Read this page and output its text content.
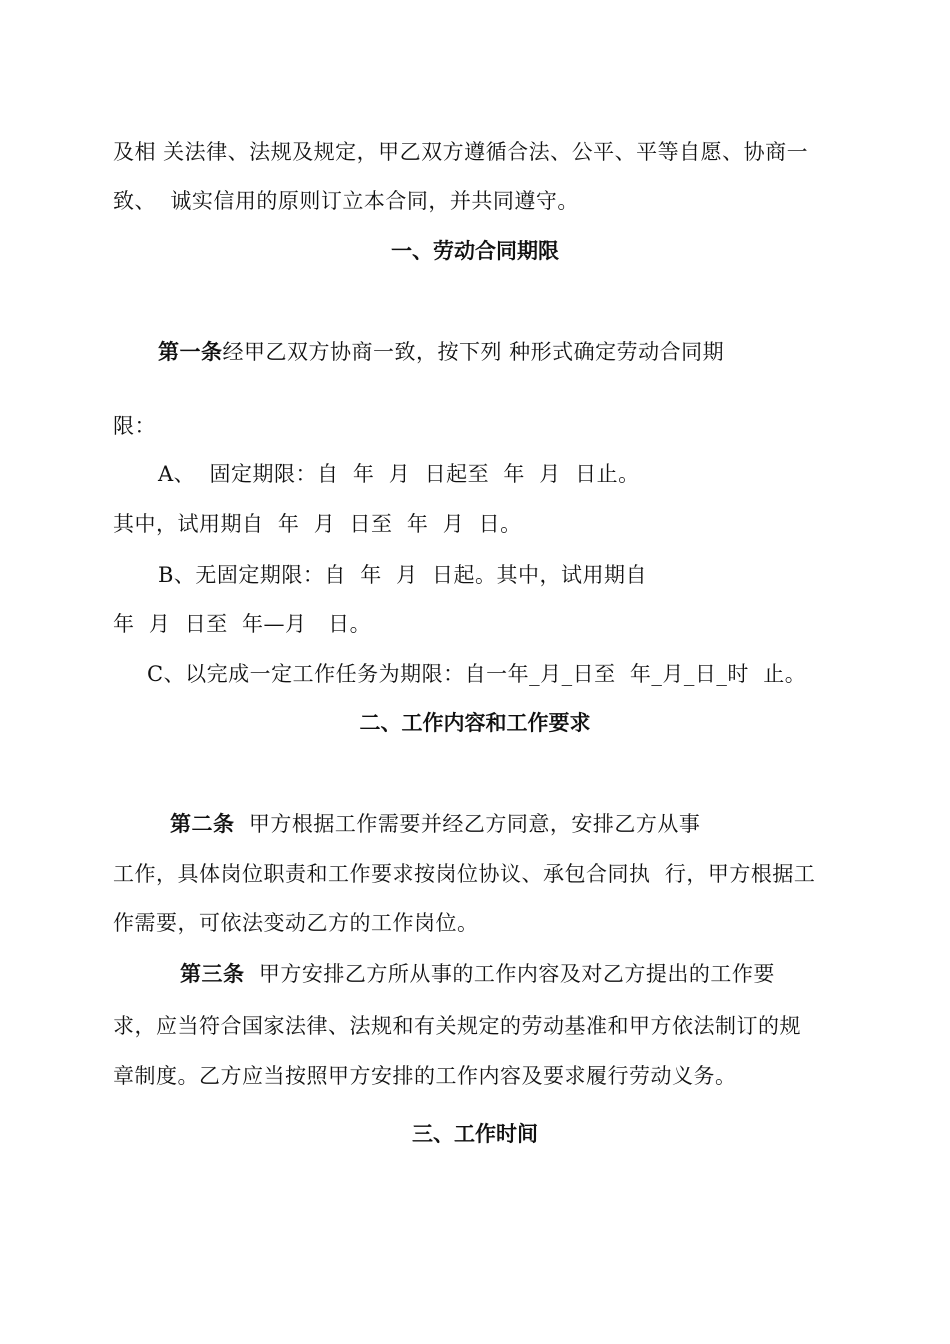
及相 关法律、法规及规定，甲乙双方遵循合法、公平、平等自愿、协商一
致、  诚实信用的原则订立本合同，并共同遵守。
一、劳动合同期限
第一条经甲乙双方协商一致，按下列 种形式确定劳动合同期
限：
A、  固定期限：自  年  月  日起至  年  月  日止。
其中，试用期自  年  月  日至  年  月  日。
B、无固定期限：自  年  月  日起。其中，试用期自
年  月  日至  年—月   日。
C、以完成一定工作任务为期限：自一年_月_日至  年_月_日_时  止。
二、工作内容和工作要求
第二条  甲方根据工作需要并经乙方同意，安排乙方从事
工作，具体岗位职责和工作要求按岗位协议、承包合同执  行，甲方根据工
作需要，可依法变动乙方的工作岗位。
第三条  甲方安排乙方所从事的工作内容及对乙方提出的工作要
求，应当符合国家法律、法规和有关规定的劳动基准和甲方依法制订的规
章制度。乙方应当按照甲方安排的工作内容及要求履行劳动义务。
三、工作时间
